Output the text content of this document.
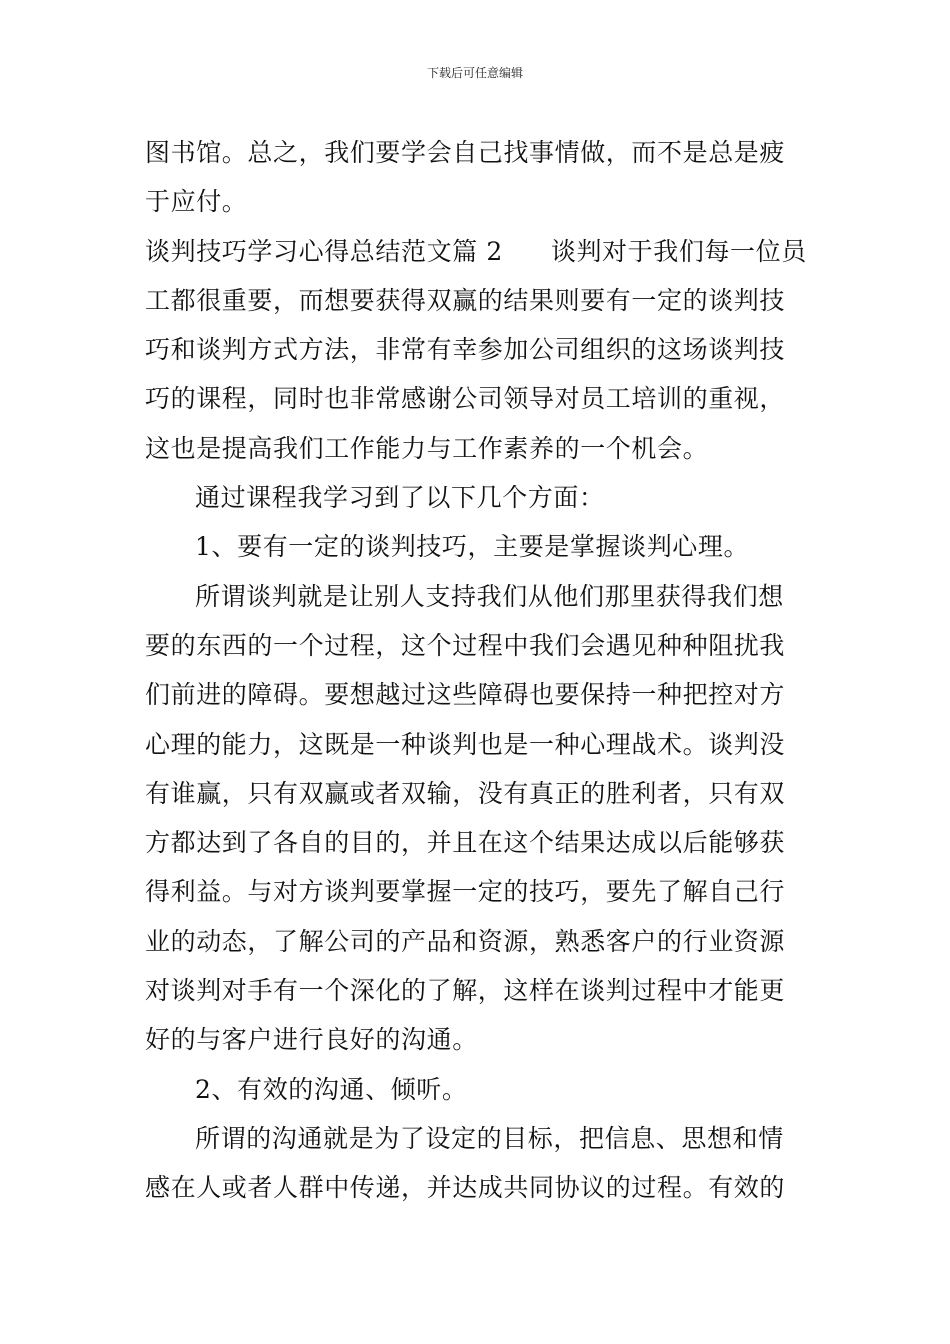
下载后可任意编辑
图书馆。总之，我们要学会自己找事情做，而不是总是疲
于应付。
谈判技巧学习心得总结范文篇 2 谈判对于我们每一位员
工都很重要，而想要获得双赢的结果则要有一定的谈判技
巧和谈判方式方法，非常有幸参加公司组织的这场谈判技
巧的课程，同时也非常感谢公司领导对员工培训的重视，
这也是提高我们工作能力与工作素养的一个机会。
通过课程我学习到了以下几个方面：
1、要有一定的谈判技巧，主要是掌握谈判心理。
所谓谈判就是让别人支持我们从他们那里获得我们想
要的东西的一个过程，这个过程中我们会遇见种种阻扰我
们前进的障碍。要想越过这些障碍也要保持一种把控对方
心理的能力，这既是一种谈判也是一种心理战术。谈判没
有谁赢，只有双赢或者双输，没有真正的胜利者，只有双
方都达到了各自的目的，并且在这个结果达成以后能够获
得利益。与对方谈判要掌握一定的技巧，要先了解自己行
业的动态，了解公司的产品和资源，熟悉客户的行业资源
对谈判对手有一个深化的了解，这样在谈判过程中才能更
好的与客户进行良好的沟通。
2、有效的沟通、倾听。
所谓的沟通就是为了设定的目标，把信息、思想和情
感在人或者人群中传递，并达成共同协议的过程。有效的
